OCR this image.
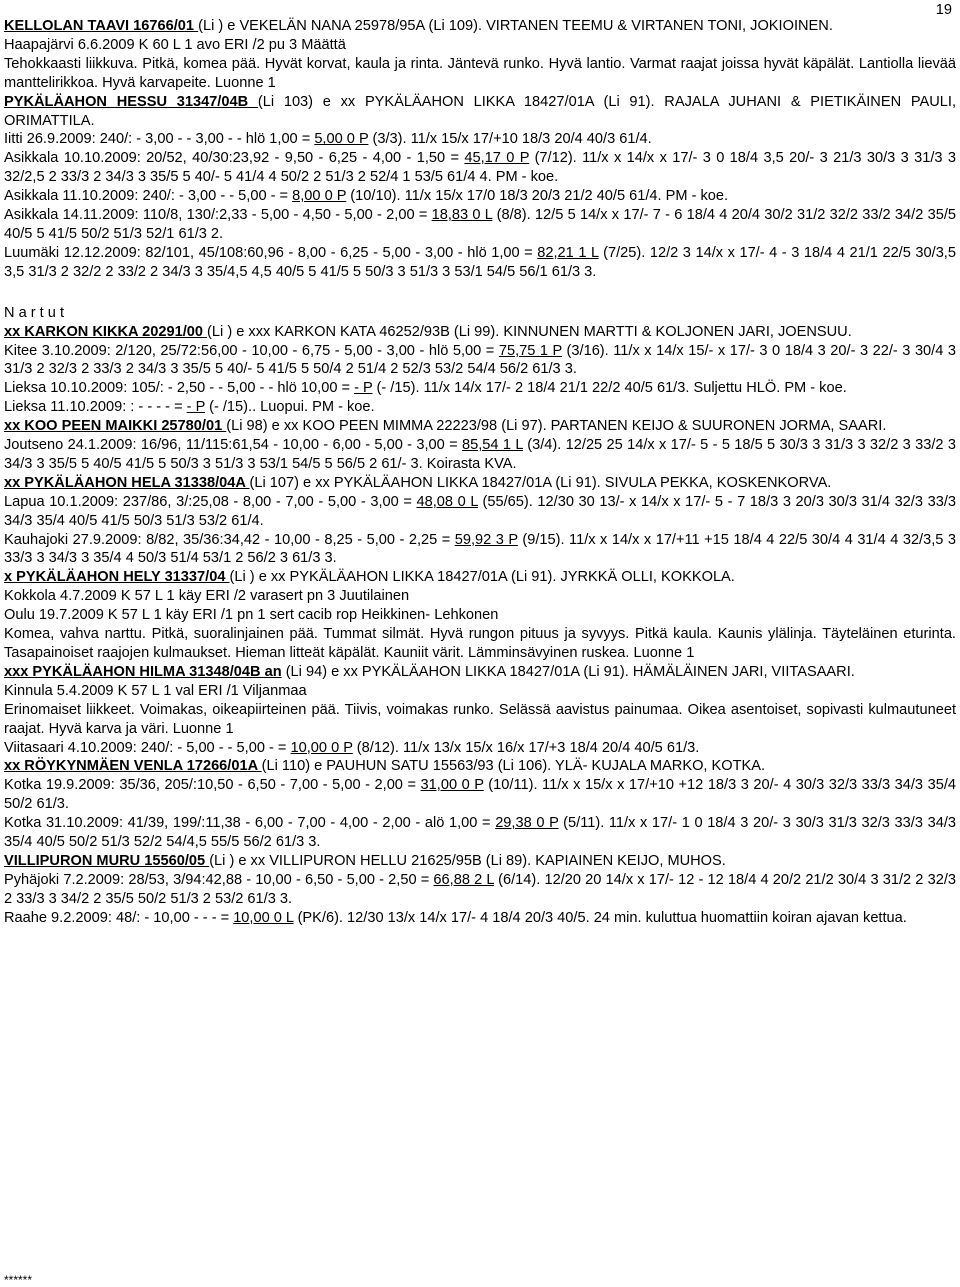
19

KELLOLAN TAAVI 16766/01 (Li ) e VEKELÄN NANA 25978/95A (Li 109). VIRTANEN TEEMU & VIRTANEN TONI, JOKIOINEN.

Haapajärvi 6.6.2009 K 60 L 1 avo ERI /2 pu 3 Määttä

Tehokkaasti liikkuva. Pitkä, komea pää. Hyvät korvat, kaula ja rinta. Jäntevä runko. Hyvä lantio. Varmat raajat joissa hyvät käpälät. Lantiolla lievää manttelirikkoa. Hyvä karvapeite. Luonne 1

PYKÄLÄAHON HESSU 31347/04B (Li 103) e xx PYKÄLÄAHON LIKKA 18427/01A (Li 91). RAJALA JUHANI & PIETIKÄINEN PAULI, ORIMATTILA.

Iitti 26.9.2009: 240/: - 3,00 - - 3,00 - - hlö 1,00 = 5,00 0 P (3/3). 11/x 15/x 17/+10 18/3 20/4 40/3 61/4.

Asikkala 10.10.2009: 20/52, 40/30:23,92 - 9,50 - 6,25 - 4,00 - 1,50 = 45,17 0 P (7/12). 11/x x 14/x x 17/- 3 0 18/4 3,5 20/- 3 21/3 30/3 3 31/3 3 32/2,5 2 33/3 2 34/3 3 35/5 5 40/- 5 41/4 4 50/2 2 51/3 2 52/4 1 53/5 61/4 4. PM - koe.

Asikkala 11.10.2009: 240/: - 3,00 - - 5,00 - = 8,00 0 P (10/10). 11/x 15/x 17/0 18/3 20/3 21/2 40/5 61/4. PM - koe.

Asikkala 14.11.2009: 110/8, 130/:2,33 - 5,00 - 4,50 - 5,00 - 2,00 = 18,83 0 L (8/8). 12/5 5 14/x x 17/- 7 - 6 18/4 4 20/4 30/2 31/2 32/2 33/2 34/2 35/5 40/5 5 41/5 50/2 51/3 52/1 61/3 2.

Luumäki 12.12.2009: 82/101, 45/108:60,96 - 8,00 - 6,25 - 5,00 - 3,00 - hlö 1,00 = 82,21 1 L (7/25). 12/2 3 14/x x 17/- 4 - 3 18/4 4 21/1 22/5 30/3,5 3,5 31/3 2 32/2 2 33/2 2 34/3 3 35/4,5 4,5 40/5 5 41/5 5 50/3 3 51/3 3 53/1 54/5 56/1 61/3 3.

N a r t u t

xx KARKON KIKKA 20291/00 (Li ) e xxx KARKON KATA 46252/93B (Li 99). KINNUNEN MARTTI & KOLJONEN JARI, JOENSUU.

Kitee 3.10.2009: 2/120, 25/72:56,00 - 10,00 - 6,75 - 5,00 - 3,00 - hlö 5,00 = 75,75 1 P (3/16). 11/x x 14/x 15/- x 17/- 3 0 18/4 3 20/- 3 22/- 3 30/4 3 31/3 2 32/3 2 33/3 2 34/3 3 35/5 5 40/- 5 41/5 5 50/4 2 51/4 2 52/3 53/2 54/4 56/2 61/3 3.

Lieksa 10.10.2009: 105/: - 2,50 - - 5,00 - - hlö 10,00 = - P (- /15). 11/x 14/x 17/- 2 18/4 21/1 22/2 40/5 61/3. Suljettu HLÖ. PM - koe.

Lieksa 11.10.2009: : - - - - = - P (- /15).. Luopui. PM - koe.

xx KOO PEEN MAIKKI 25780/01 (Li 98) e xx KOO PEEN MIMMA 22223/98 (Li 97). PARTANEN KEIJO & SUURONEN JORMA, SAARI.

Joutseno 24.1.2009: 16/96, 11/115:61,54 - 10,00 - 6,00 - 5,00 - 3,00 = 85,54 1 L (3/4). 12/25 25 14/x x 17/- 5 - 5 18/5 5 30/3 3 31/3 3 32/2 3 33/2 3 34/3 3 35/5 5 40/5 41/5 5 50/3 3 51/3 3 53/1 54/5 5 56/5 2 61/- 3. Koirasta KVA.

xx PYKÄLÄAHON HELA 31338/04A (Li 107) e xx PYKÄLÄAHON LIKKA 18427/01A (Li 91). SIVULA PEKKA, KOSKENKORVA.

Lapua 10.1.2009: 237/86, 3/:25,08 - 8,00 - 7,00 - 5,00 - 3,00 = 48,08 0 L (55/65). 12/30 30 13/- x 14/x x 17/- 5 - 7 18/3 3 20/3 30/3 31/4 32/3 33/3 34/3 35/4 40/5 41/5 50/3 51/3 53/2 61/4.

Kauhajoki 27.9.2009: 8/82, 35/36:34,42 - 10,00 - 8,25 - 5,00 - 2,25 = 59,92 3 P (9/15). 11/x x 14/x x 17/+11 +15 18/4 4 22/5 30/4 4 31/4 4 32/3,5 3 33/3 3 34/3 3 35/4 4 50/3 51/4 53/1 2 56/2 3 61/3 3.

x PYKÄLÄAHON HELY 31337/04 (Li ) e xx PYKÄLÄAHON LIKKA 18427/01A (Li 91). JYRKKÄ OLLI, KOKKOLA.

Kokkola 4.7.2009 K 57 L 1 käy ERI /2 varasert pn 3 Juutilainen

Oulu 19.7.2009 K 57 L 1 käy ERI /1 pn 1 sert cacib rop Heikkinen- Lehkonen

Komea, vahva narttu. Pitkä, suoralinjainen pää. Tummat silmät. Hyvä rungon pituus ja syvyys. Pitkä kaula. Kaunis ylälinja. Täyteläinen eturinta. Tasapainoiset raajojen kulmaukset. Hieman litteät käpälät. Kauniit värit. Lämminsävyinen ruskea. Luonne 1

xxx PYKÄLÄAHON HILMA 31348/04B an (Li 94) e xx PYKÄLÄAHON LIKKA 18427/01A (Li 91). HÄMÄLÄINEN JARI, VIITASAARI.

Kinnula 5.4.2009 K 57 L 1 val ERI /1 Viljanmaa

Erinomaiset liikkeet. Voimakas, oikeapiirteinen pää. Tiivis, voimakas runko. Selässä aavistus painumaa. Oikea asentoiset, sopivasti kulmautuneet raajat. Hyvä karva ja väri. Luonne 1

Viitasaari 4.10.2009: 240/: - 5,00 - - 5,00 - = 10,00 0 P (8/12). 11/x 13/x 15/x 16/x 17/+3 18/4 20/4 40/5 61/3.

xx RÖYKYNMÄEN VENLA 17266/01A (Li 110) e PAUHUN SATU 15563/93 (Li 106). YLÄ- KUJALA MARKO, KOTKA.

Kotka 19.9.2009: 35/36, 205/:10,50 - 6,50 - 7,00 - 5,00 - 2,00 = 31,00 0 P (10/11). 11/x x 15/x x 17/+10 +12 18/3 3 20/- 4 30/3 32/3 33/3 34/3 35/4 50/2 61/3.

Kotka 31.10.2009: 41/39, 199/:11,38 - 6,00 - 7,00 - 4,00 - 2,00 - alö 1,00 = 29,38 0 P (5/11). 11/x x 17/- 1 0 18/4 3 20/- 3 30/3 31/3 32/3 33/3 34/3 35/4 40/5 50/2 51/3 52/2 54/4,5 55/5 56/2 61/3 3.

VILLIPURON MURU 15560/05 (Li ) e xx VILLIPURON HELLU 21625/95B (Li 89). KAPIAINEN KEIJO, MUHOS.

Pyhäjoki 7.2.2009: 28/53, 3/94:42,88 - 10,00 - 6,50 - 5,00 - 2,50 = 66,88 2 L (6/14). 12/20 20 14/x x 17/- 12 - 12 18/4 4 20/2 21/2 30/4 3 31/2 2 32/3 2 33/3 3 34/2 2 35/5 50/2 51/3 2 53/2 61/3 3.

Raahe 9.2.2009: 48/: - 10,00 - - - = 10,00 0 L (PK/6). 12/30 13/x 14/x 17/- 4 18/4 20/3 40/5. 24 min. kuluttua huomattiin koiran ajavan kettua.

******
